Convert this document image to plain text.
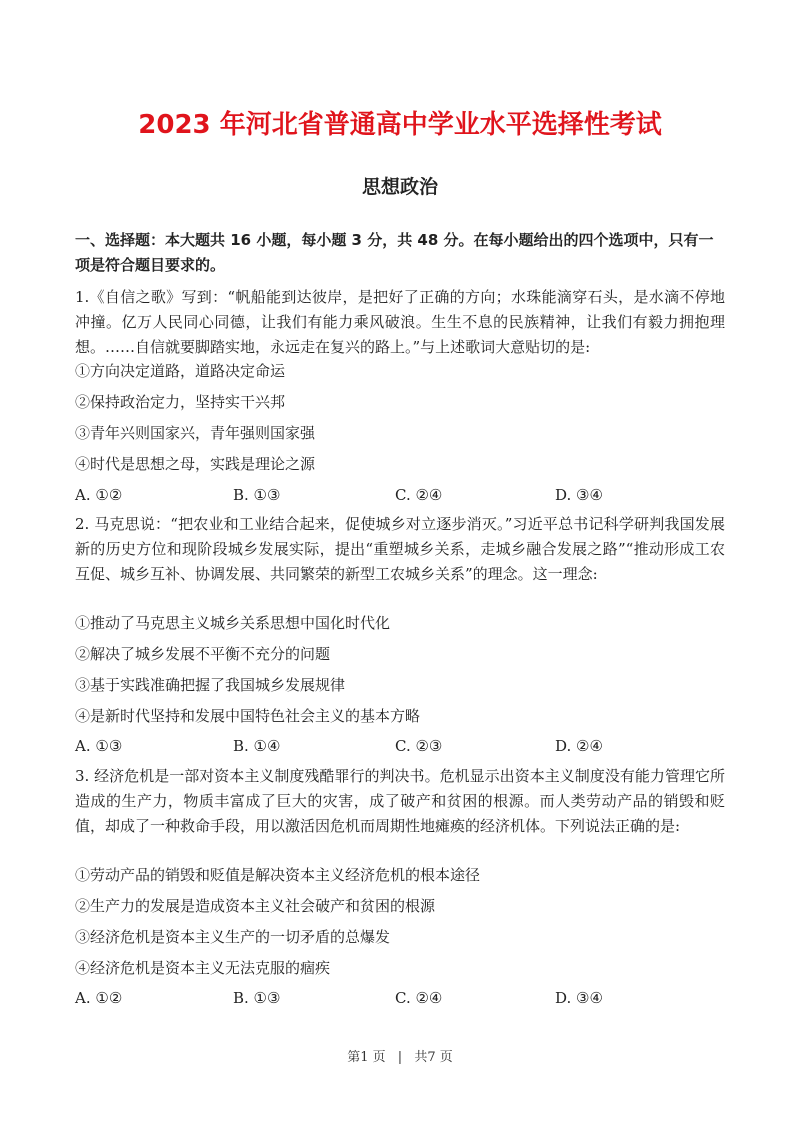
2023 年河北省普通高中学业水平选择性考试
思想政治

一、选择题：本大题共 16 小题，每小题 3 分，共 48 分。在每小题给出的四个选项中，只有一项是符合题目要求的。

1.《自信之歌》写到：“帆船能到达彼岸，是把好了正确的方向；水珠能滴穿石头，是水滴不停地冲撞。亿万人民同心同德，让我们有能力乘风破浪。生生不息的民族精神，让我们有毅力拥抱理想。……自信就要脚踏实地，永远走在复兴的路上。”与上述歌词大意贴切的是:

①方向决定道路，道路决定命运

②保持政治定力，坚持实干兴邦

③青年兴则国家兴，青年强则国家强

④时代是思想之母，实践是理论之源

A. ①②	B. ①③	C. ②④	D. ③④

2. 马克思说：“把农业和工业结合起来，促使城乡对立逐步消灭。”习近平总书记科学研判我国发展新的历史方位和现阶段城乡发展实际，提出“重塑城乡关系，走城乡融合发展之路”“推动形成工农互促、城乡互补、协调发展、共同繁荣的新型工农城乡关系”的理念。这一理念:

①推动了马克思主义城乡关系思想中国化时代化

②解决了城乡发展不平衡不充分的问题

③基于实践准确把握了我国城乡发展规律

④是新时代坚持和发展中国特色社会主义的基本方略

A. ①③	B. ①④	C. ②③	D. ②④

3. 经济危机是一部对资本主义制度残酷罪行的判决书。危机显示出资本主义制度没有能力管理它所造成的生产力，物质丰富成了巨大的灾害，成了破产和贫困的根源。而人类劳动产品的销毁和贬值，却成了一种救命手段，用以激活因危机而周期性地瘫痪的经济机体。下列说法正确的是:

①劳动产品的销毁和贬值是解决资本主义经济危机的根本途径

②生产力的发展是造成资本主义社会破产和贫困的根源

③经济危机是资本主义生产的一切矛盾的总爆发

④经济危机是资本主义无法克服的痼疾

A. ①②	B. ①③	C. ②④	D. ③④
第1 页 | 共7 页
